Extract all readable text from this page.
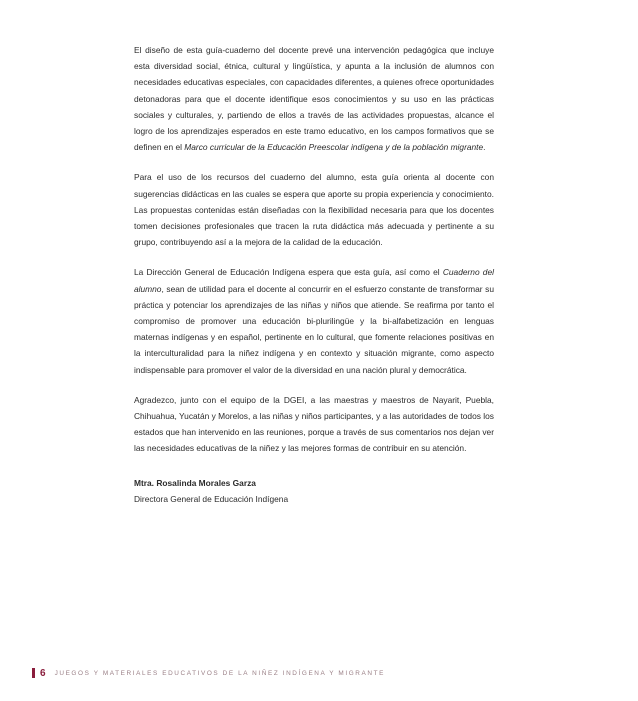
El diseño de esta guía-cuaderno del docente prevé una intervención pedagógica que incluye esta diversidad social, étnica, cultural y lingüística, y apunta a la inclusión de alumnos con necesidades educativas especiales, con capacidades diferentes, a quienes ofrece oportunidades detonadoras para que el docente identifique esos conocimientos y su uso en las prácticas sociales y culturales, y, partiendo de ellos a través de las actividades propuestas, alcance el logro de los aprendizajes esperados en este tramo educativo, en los campos formativos que se definen en el Marco curricular de la Educación Preescolar indígena y de la población migrante.

Para el uso de los recursos del cuaderno del alumno, esta guía orienta al docente con sugerencias didácticas en las cuales se espera que aporte su propia experiencia y conocimiento. Las propuestas contenidas están diseñadas con la flexibilidad necesaria para que los docentes tomen decisiones profesionales que tracen la ruta didáctica más adecuada y pertinente a su grupo, contribuyendo así a la mejora de la calidad de la educación.

La Dirección General de Educación Indígena espera que esta guía, así como el Cuaderno del alumno, sean de utilidad para el docente al concurrir en el esfuerzo constante de transformar su práctica y potenciar los aprendizajes de las niñas y niños que atiende. Se reafirma por tanto el compromiso de promover una educación bi-plurilingüe y la bi-alfabetización en lenguas maternas indígenas y en español, pertinente en lo cultural, que fomente relaciones positivas en la interculturalidad para la niñez indígena y en contexto y situación migrante, como aspecto indispensable para promover el valor de la diversidad en una nación plural y democrática.

Agradezco, junto con el equipo de la DGEI, a las maestras y maestros de Nayarit, Puebla, Chihuahua, Yucatán y Morelos, a las niñas y niños participantes, y a las autoridades de todos los estados que han intervenido en las reuniones, porque a través de sus comentarios nos dejan ver las necesidades educativas de la niñez y las mejores formas de contribuir en su atención.

Mtra. Rosalinda Morales Garza

Directora General de Educación Indígena

6 JUEGOS Y MATERIALES EDUCATIVOS DE LA NIÑEZ INDÍGENA Y MIGRANTE
